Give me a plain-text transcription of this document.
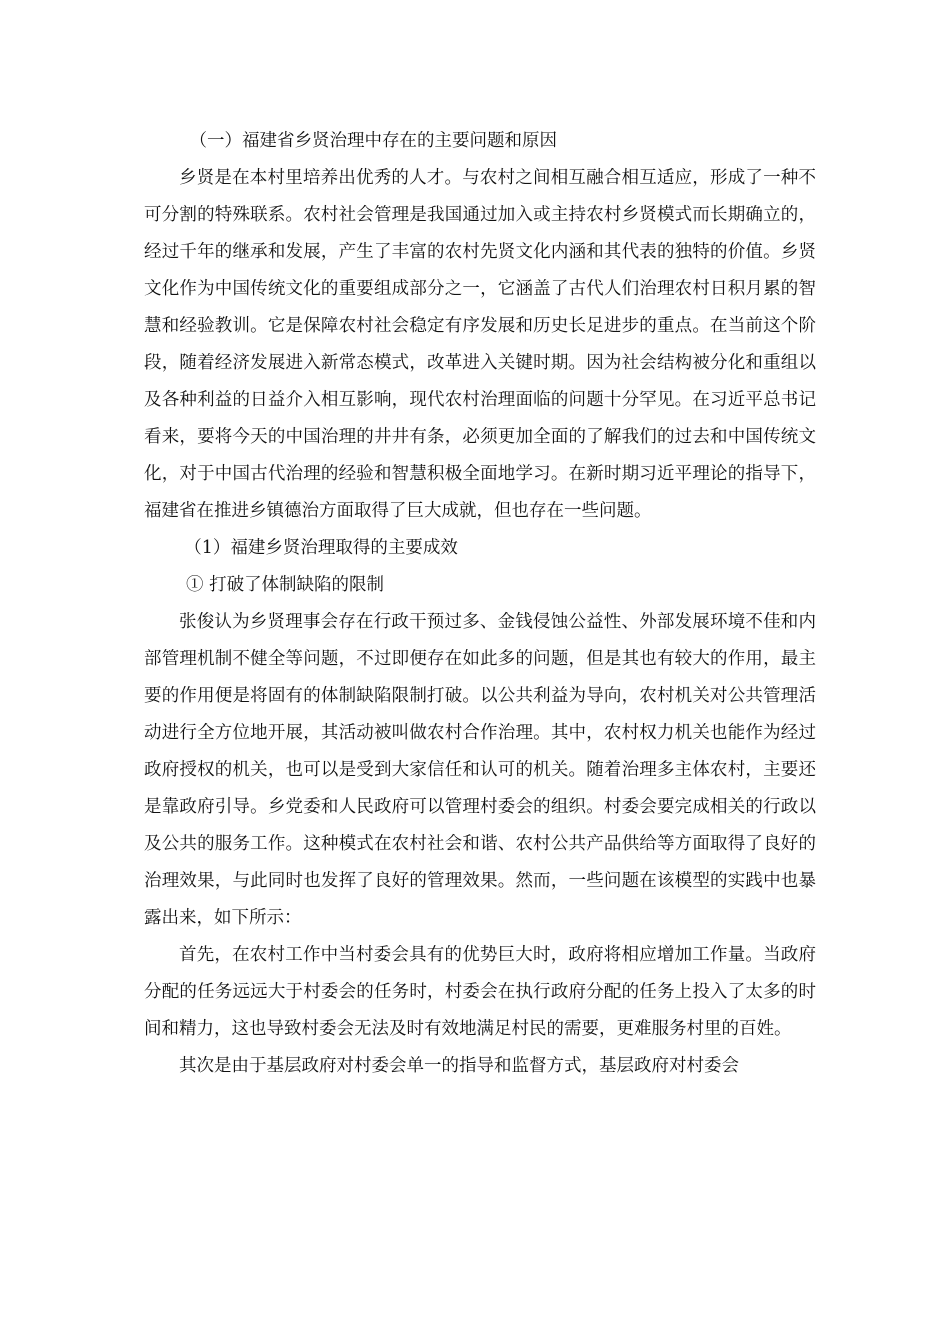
（一）福建省乡贤治理中存在的主要问题和原因

乡贤是在本村里培养出优秀的人才。与农村之间相互融合相互适应，形成了一种不可分割的特殊联系。农村社会管理是我国通过加入或主持农村乡贤模式而长期确立的，经过千年的继承和发展，产生了丰富的农村先贤文化内涵和其代表的独特的价值。乡贤文化作为中国传统文化的重要组成部分之一，它涵盖了古代人们治理农村日积月累的智慧和经验教训。它是保障农村社会稳定有序发展和历史长足进步的重点。在当前这个阶段，随着经济发展进入新常态模式，改革进入关键时期。因为社会结构被分化和重组以及各种利益的日益介入相互影响，现代农村治理面临的问题十分罕见。在习近平总书记看来，要将今天的中国治理的井井有条，必须更加全面的了解我们的过去和中国传统文化，对于中国古代治理的经验和智慧积极全面地学习。在新时期习近平理论的指导下，福建省在推进乡镇德治方面取得了巨大成就，但也存在一些问题。

（1）福建乡贤治理取得的主要成效

① 打破了体制缺陷的限制

张俊认为乡贤理事会存在行政干预过多、金钱侵蚀公益性、外部发展环境不佳和内部管理机制不健全等问题，不过即便存在如此多的问题，但是其也有较大的作用，最主要的作用便是将固有的体制缺陷限制打破。以公共利益为导向，农村机关对公共管理活动进行全方位地开展，其活动被叫做农村合作治理。其中，农村权力机关也能作为经过政府授权的机关，也可以是受到大家信任和认可的机关。随着治理多主体农村，主要还是靠政府引导。乡党委和人民政府可以管理村委会的组织。村委会要完成相关的行政以及公共的服务工作。这种模式在农村社会和谐、农村公共产品供给等方面取得了良好的治理效果，与此同时也发挥了良好的管理效果。然而，一些问题在该模型的实践中也暴露出来，如下所示：

首先，在农村工作中当村委会具有的优势巨大时，政府将相应增加工作量。当政府分配的任务远远大于村委会的任务时，村委会在执行政府分配的任务上投入了太多的时间和精力，这也导致村委会无法及时有效地满足村民的需要，更难服务村里的百姓。

其次是由于基层政府对村委会单一的指导和监督方式，基层政府对村委会
